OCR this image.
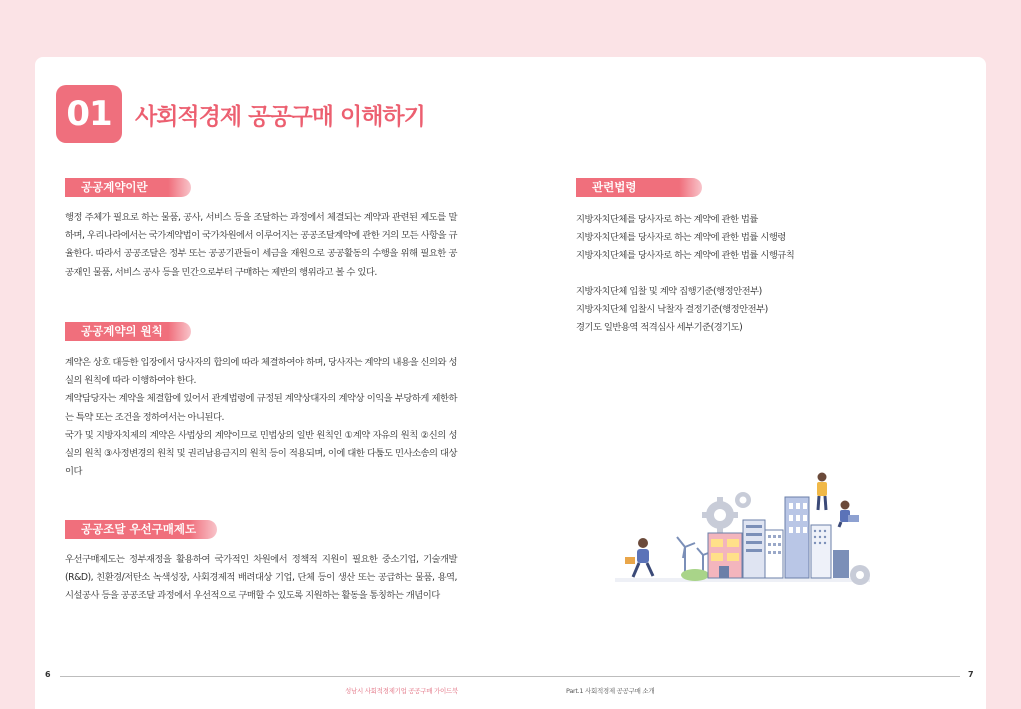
01	사회적경제 공공구매 이해하기
공공계약이란

행정 주체가 필요로 하는 물품, 공사, 서비스 등을 조달하는 과정에서 체결되는 계약과 관련된 제도를 말하며, 우리나라에서는 국가계약법이 국가차원에서 이루어지는 공공조달계약에 관한 거의 모든 사항을 규율한다. 따라서 공공조달은 정부 또는 공공기관들이 세금을 재원으로 공공활동의 수행을 위해 필요한 공공재인 물품, 서비스 공사 등을 민간으로부터 구매하는 제반의 행위라고 볼 수 있다.

공공계약의 원칙

계약은 상호 대등한 입장에서 당사자의 합의에 따라 체결하여야 하며, 당사자는 계약의 내용을 신의와 성실의 원칙에 따라 이행하여야 한다.

계약담당자는 계약을 체결함에 있어서 관계법령에 규정된 계약상대자의 계약상 이익을 부당하게 제한하는 특약 또는 조건을 정하여서는 아니된다.

국가 및 지방자치제의 계약은 사법상의 계약이므로 민법상의 일반 원칙인 ①계약 자유의 원칙 ②신의 성실의 원칙 ③사정변경의 원칙 및 권리남용금지의 원칙 등이 적용되며, 이에 대한 다툼도 민사소송의 대상이다

공공조달 우선구매제도

우선구매제도는 정부재정을 활용하여 국가적인 차원에서 정책적 지원이 필요한 중소기업, 기술개발(R&D), 친환경/저탄소 녹색성장, 사회경제적 배려대상 기업, 단체 등이 생산 또는 공급하는 물품, 용역, 시설공사 등을 공공조달 과정에서 우선적으로 구매할 수 있도록 지원하는 활동을 통칭하는 개념이다

관련법령
지방자치단체를 당사자로 하는 계약에 관한 법률
지방자치단체를 당사자로 하는 계약에 관한 법률 시행령
지방자치단체를 당사자로 하는 계약에 관한 법률 시행규칙
지방자치단체 입찰 및 계약 집행기준(행정안전부)
지방자치단체 입찰시 낙찰자 결정기준(행정안전부)
경기도 일반용역 적격심사 세부기준(경기도)
6	7
성남시 사회적경제기업 공공구매 가이드북	Part.1 사회적경제 공공구매 소개
